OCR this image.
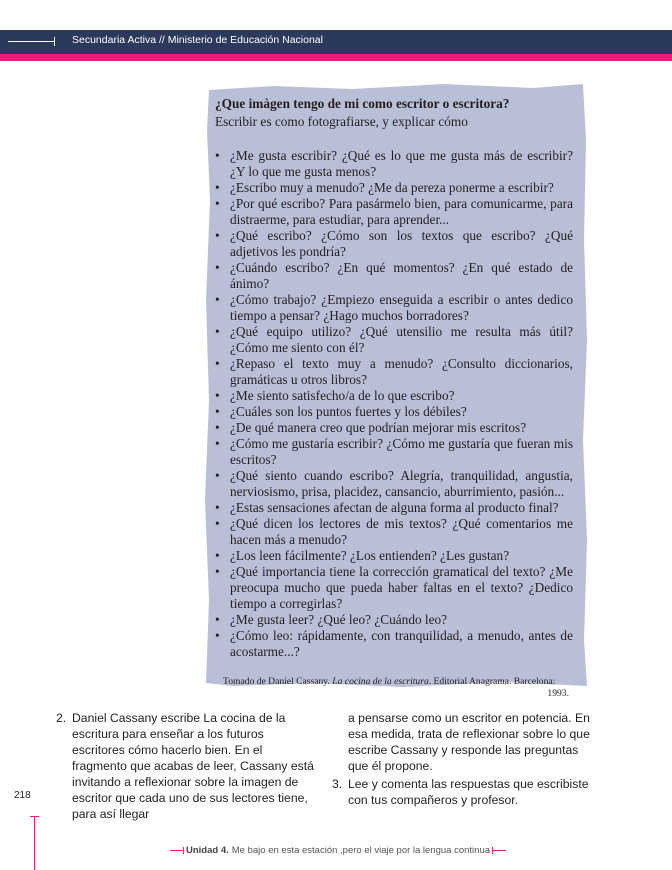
Secundaria Activa // Ministerio de Educación Nacional

¿Que imàgen tengo de mi como escritor o escritora?

Escribir es como fotografiarse, y explicar cómo

• ¿Me gusta escribir? ¿Qué es lo que me gusta más de escribir? ¿Y lo que me gusta menos?
• ¿Escribo muy a menudo? ¿Me da pereza ponerme a escribir?
• ¿Por qué escribo? Para pasármelo bien, para comunicarme, para distraerme, para estudiar, para aprender...
• ¿Qué escribo? ¿Cómo son los textos que escribo? ¿Qué adjetivos les pondría?
• ¿Cuándo escribo? ¿En qué momentos? ¿En qué estado de ánimo?
• ¿Cómo trabajo? ¿Empiezo enseguida a escribir o antes dedico tiempo a pensar? ¿Hago muchos borradores?
• ¿Qué equipo utilizo? ¿Qué utensilio me resulta más útil? ¿Cómo me siento con él?
• ¿Repaso el texto muy a menudo? ¿Consulto diccionarios, gramáticas u otros libros?
• ¿Me siento satisfecho/a de lo que escribo?
• ¿Cuáles son los puntos fuertes y los débiles?
• ¿De qué manera creo que podrían mejorar mis escritos?
• ¿Cómo me gustaría escribir? ¿Cómo me gustaría que fueran mis escritos?
• ¿Qué siento cuando escribo? Alegría, tranquilidad, angustia, nerviosismo, prisa, placidez, cansancio, aburrimiento, pasión...
• ¿Estas sensaciones afectan de alguna forma al producto final?
• ¿Qué dicen los lectores de mis textos? ¿Qué comentarios me hacen más a menudo?
• ¿Los leen fácilmente? ¿Los entienden? ¿Les gustan?
• ¿Qué importancia tiene la corrección gramatical del texto? ¿Me preocupa mucho que pueda haber faltas en el texto? ¿Dedico tiempo a corregirlas?
• ¿Me gusta leer? ¿Qué leo? ¿Cuándo leo?
• ¿Cómo leo: rápidamente, con tranquilidad, a menudo, antes de acostarme...?

Tomado de Daniel Cassany. La cocina de la escritura. Editorial Anagrama. Barcelona:
1993.

2. Daniel Cassany escribe La cocina de la escritura para enseñar a los futuros escritores cómo hacerlo bien. En el fragmento que acabas de leer, Cassany está invitando a reflexionar sobre la imagen de escritor que cada uno de sus lectores tiene, para así llegar

a pensarse como un escritor en potencia. En esa medida, trata de reflexionar sobre lo que escribe Cassany y responde las preguntas que él propone.

3. Lee y comenta las respuestas que escribiste con tus compañeros y profesor.

218
Unidad 4. Me bajo en esta estación ,pero el viaje por la lengua continua
